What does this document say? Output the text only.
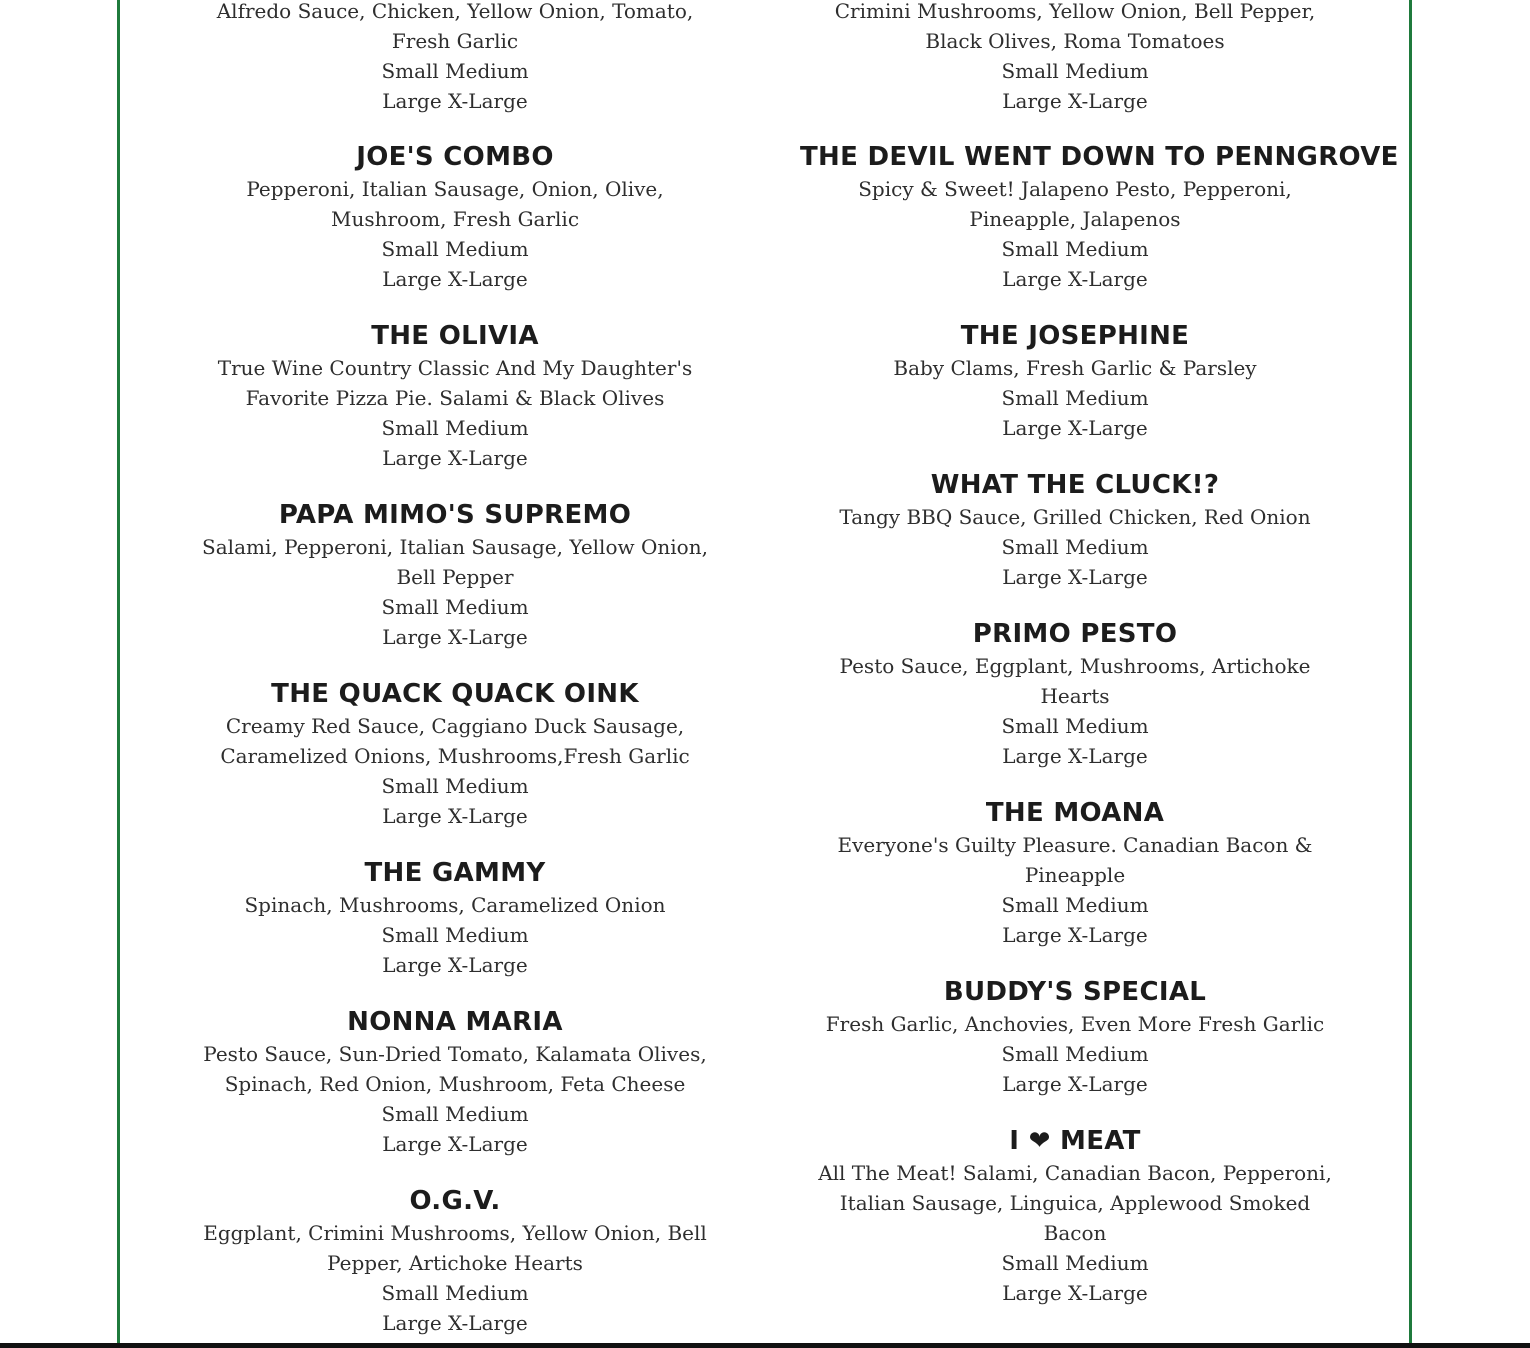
Alfredo Sauce, Chicken, Yellow Onion, Tomato,
Fresh Garlic
Small Medium
Large X-Large
JOE'S COMBO
Pepperoni, Italian Sausage, Onion, Olive,
Mushroom, Fresh Garlic
Small Medium
Large X-Large
THE OLIVIA
True Wine Country Classic And My Daughter's
Favorite Pizza Pie. Salami & Black Olives
Small Medium
Large X-Large
PAPA MIMO'S SUPREMO
Salami, Pepperoni, Italian Sausage, Yellow Onion,
Bell Pepper
Small Medium
Large X-Large
THE QUACK QUACK OINK
Creamy Red Sauce, Caggiano Duck Sausage,
Caramelized Onions, Mushrooms,Fresh Garlic
Small Medium
Large X-Large
THE GAMMY
Spinach, Mushrooms, Caramelized Onion
Small Medium
Large X-Large
NONNA MARIA
Pesto Sauce, Sun-Dried Tomato, Kalamata Olives,
Spinach, Red Onion, Mushroom, Feta Cheese
Small Medium
Large X-Large
O.G.V.
Eggplant, Crimini Mushrooms, Yellow Onion, Bell
Pepper, Artichoke Hearts
Small Medium
Large X-Large
Crimini Mushrooms, Yellow Onion, Bell Pepper,
Black Olives, Roma Tomatoes
Small Medium
Large X-Large
THE DEVIL WENT DOWN TO PENNGROVE
Spicy & Sweet! Jalapeno Pesto, Pepperoni,
Pineapple, Jalapenos
Small Medium
Large X-Large
THE JOSEPHINE
Baby Clams, Fresh Garlic & Parsley
Small Medium
Large X-Large
WHAT THE CLUCK!?
Tangy BBQ Sauce, Grilled Chicken, Red Onion
Small Medium
Large X-Large
PRIMO PESTO
Pesto Sauce, Eggplant, Mushrooms, Artichoke
Hearts
Small Medium
Large X-Large
THE MOANA
Everyone's Guilty Pleasure. Canadian Bacon &
Pineapple
Small Medium
Large X-Large
BUDDY'S SPECIAL
Fresh Garlic, Anchovies, Even More Fresh Garlic
Small Medium
Large X-Large
I ❤ MEAT
All The Meat! Salami, Canadian Bacon, Pepperoni,
Italian Sausage, Linguica, Applewood Smoked
Bacon
Small Medium
Large X-Large
